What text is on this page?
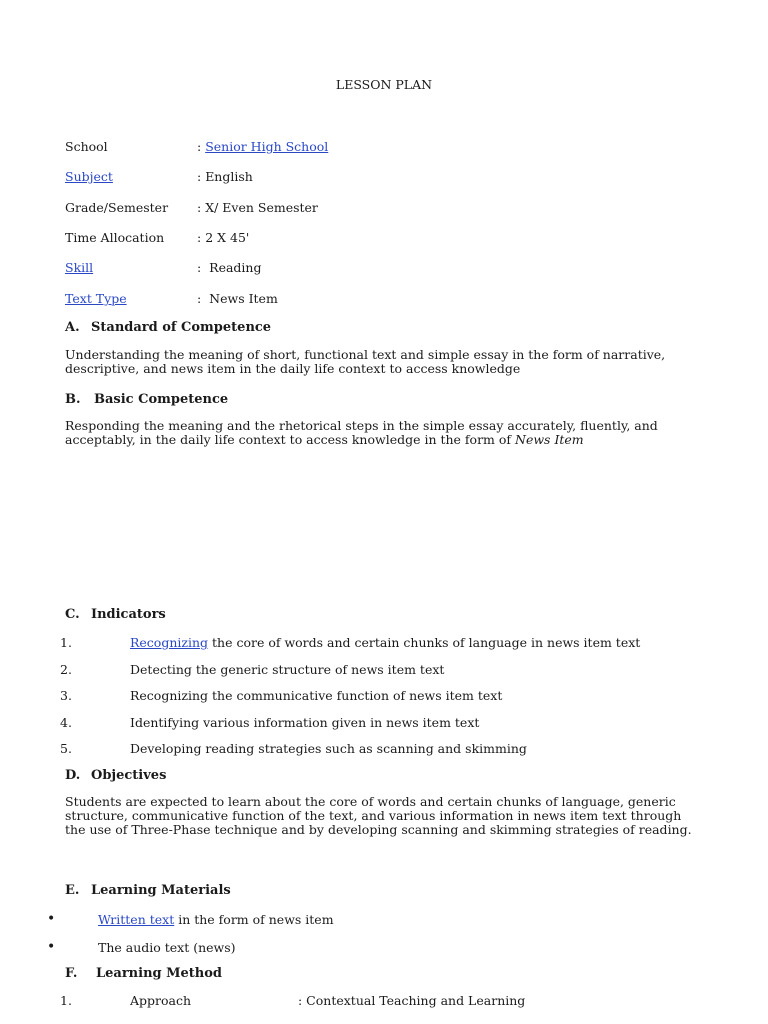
LESSON PLAN
School	: Senior High School
Subject	: English
Grade/Semester : X/ Even Semester
Time Allocation	: 2 X 45'
Skill	:  Reading
Text Type	:  News Item
A. Standard of Competence
Understanding the meaning of short, functional text and simple essay in the form of narrative, descriptive, and news item in the daily life context to access knowledge
B. Basic Competence
Responding the meaning and the rhetorical steps in the simple essay accurately, fluently, and acceptably, in the daily life context to access knowledge in the form of News Item
C. Indicators
1.	Recognizing the core of words and certain chunks of language in news item text
2.	Detecting the generic structure of news item text
3.	Recognizing the communicative function of news item text
4.	Identifying various information given in news item text
5.	Developing reading strategies such as scanning and skimming
D. Objectives
Students are expected to learn about the core of words and certain chunks of language, generic structure, communicative function of the text, and various information in news item text through the use of Three-Phase technique and by developing scanning and skimming strategies of reading.
E. Learning Materials
•	Written text in the form of news item
•	The audio text (news)
F. Learning Method
1.	Approach	: Contextual Teaching and Learning
